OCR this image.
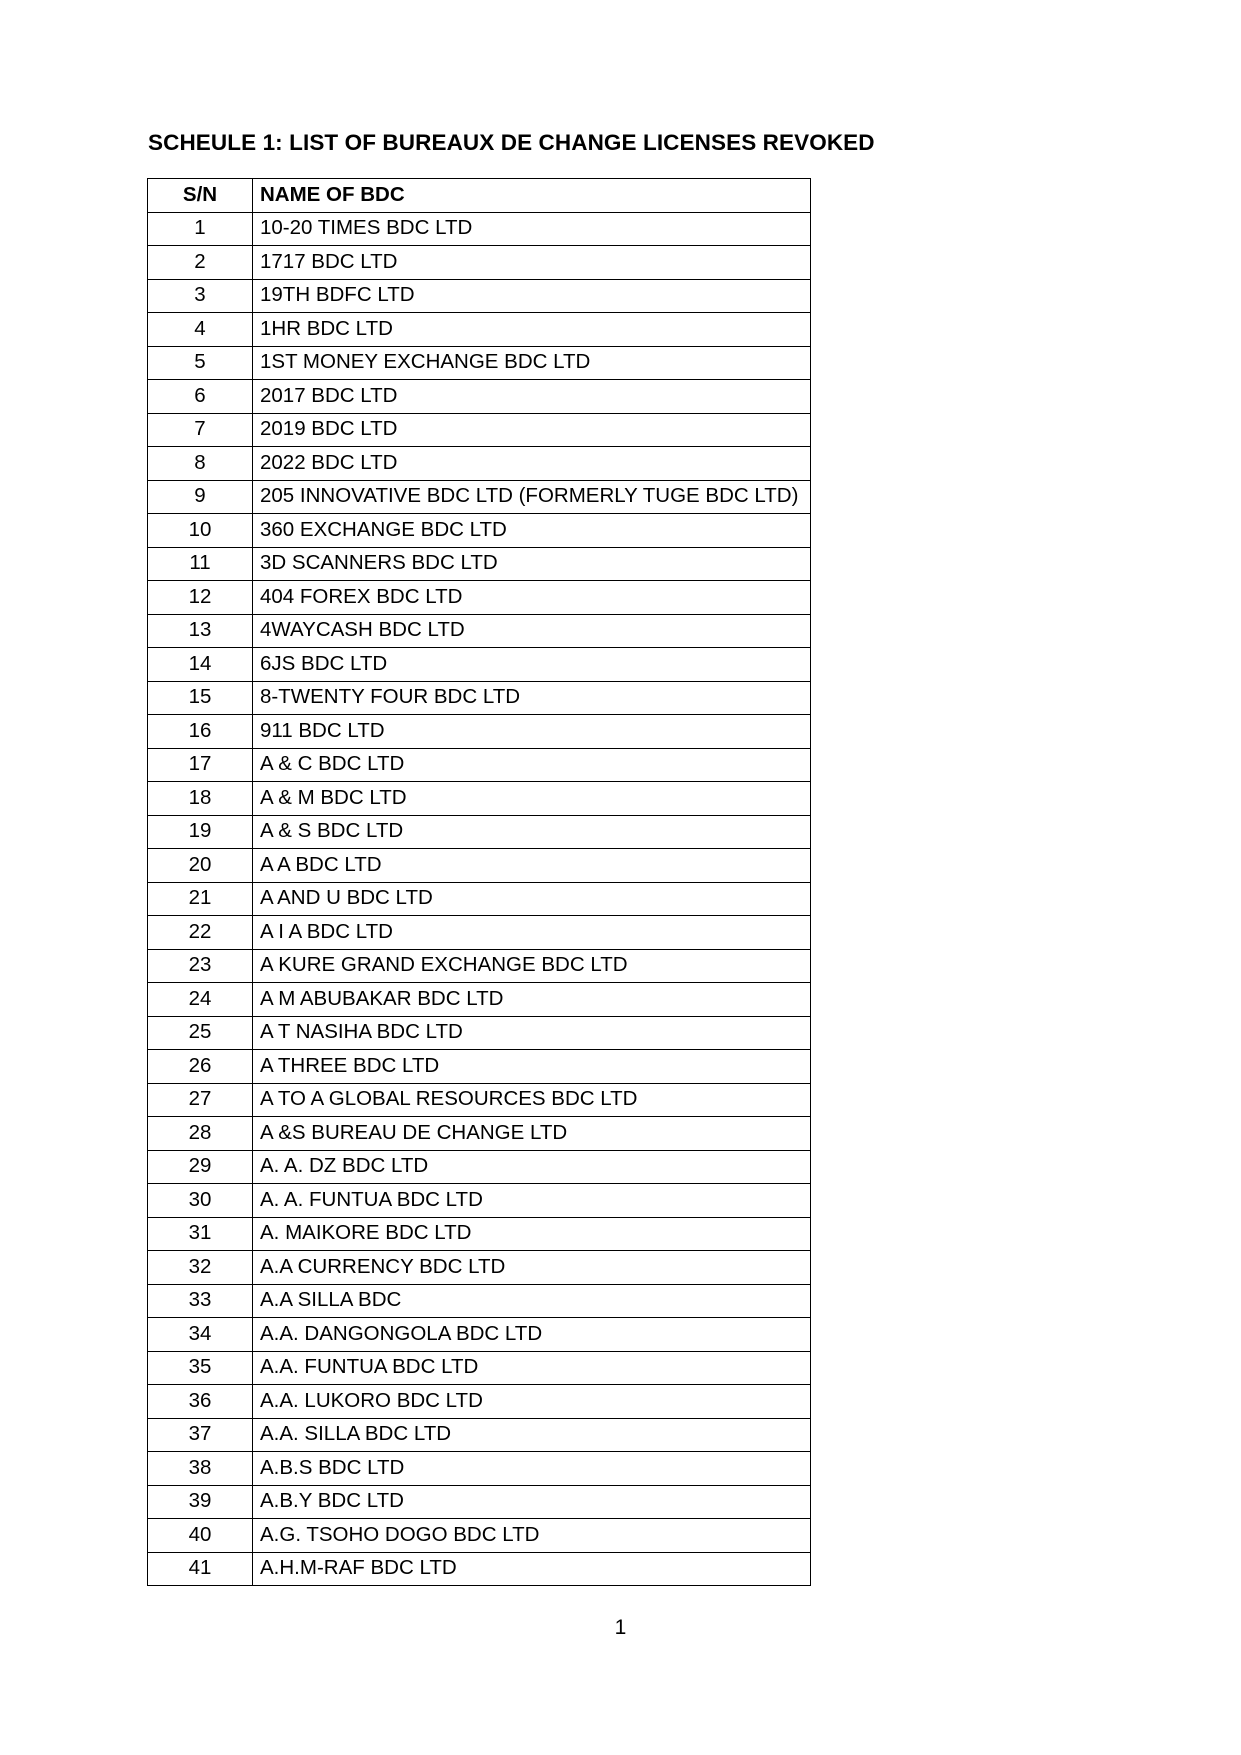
SCHEULE 1: LIST OF BUREAUX DE CHANGE LICENSES REVOKED
S/N	NAME OF BDC
1	10-20 TIMES BDC LTD
2	1717 BDC LTD
3	19TH BDFC LTD
4	1HR BDC LTD
5	1ST MONEY EXCHANGE BDC LTD
6	2017 BDC LTD
7	2019 BDC LTD
8	2022 BDC LTD
9	205 INNOVATIVE BDC LTD (FORMERLY TUGE BDC LTD)
10	360 EXCHANGE BDC LTD
11	3D SCANNERS BDC LTD
12	404 FOREX BDC LTD
13	4WAYCASH BDC LTD
14	6JS BDC LTD
15	8-TWENTY FOUR BDC LTD
16	911 BDC LTD
17	A & C BDC LTD
18	A & M BDC LTD
19	A & S BDC LTD
20	A A BDC LTD
21	A AND U BDC LTD
22	A I A BDC LTD
23	A KURE GRAND EXCHANGE BDC LTD
24	A M ABUBAKAR BDC LTD
25	A T NASIHA BDC LTD
26	A THREE BDC LTD
27	A TO A GLOBAL RESOURCES BDC LTD
28	A &S BUREAU DE CHANGE LTD
29	A. A. DZ BDC LTD
30	A. A. FUNTUA BDC LTD
31	A. MAIKORE BDC LTD
32	A.A CURRENCY BDC LTD
33	A.A SILLA BDC
34	A.A. DANGONGOLA BDC LTD
35	A.A. FUNTUA BDC LTD
36	A.A. LUKORO BDC LTD
37	A.A. SILLA BDC LTD
38	A.B.S BDC LTD
39	A.B.Y BDC LTD
40	A.G. TSOHO DOGO BDC LTD
41	A.H.M-RAF BDC LTD
1
